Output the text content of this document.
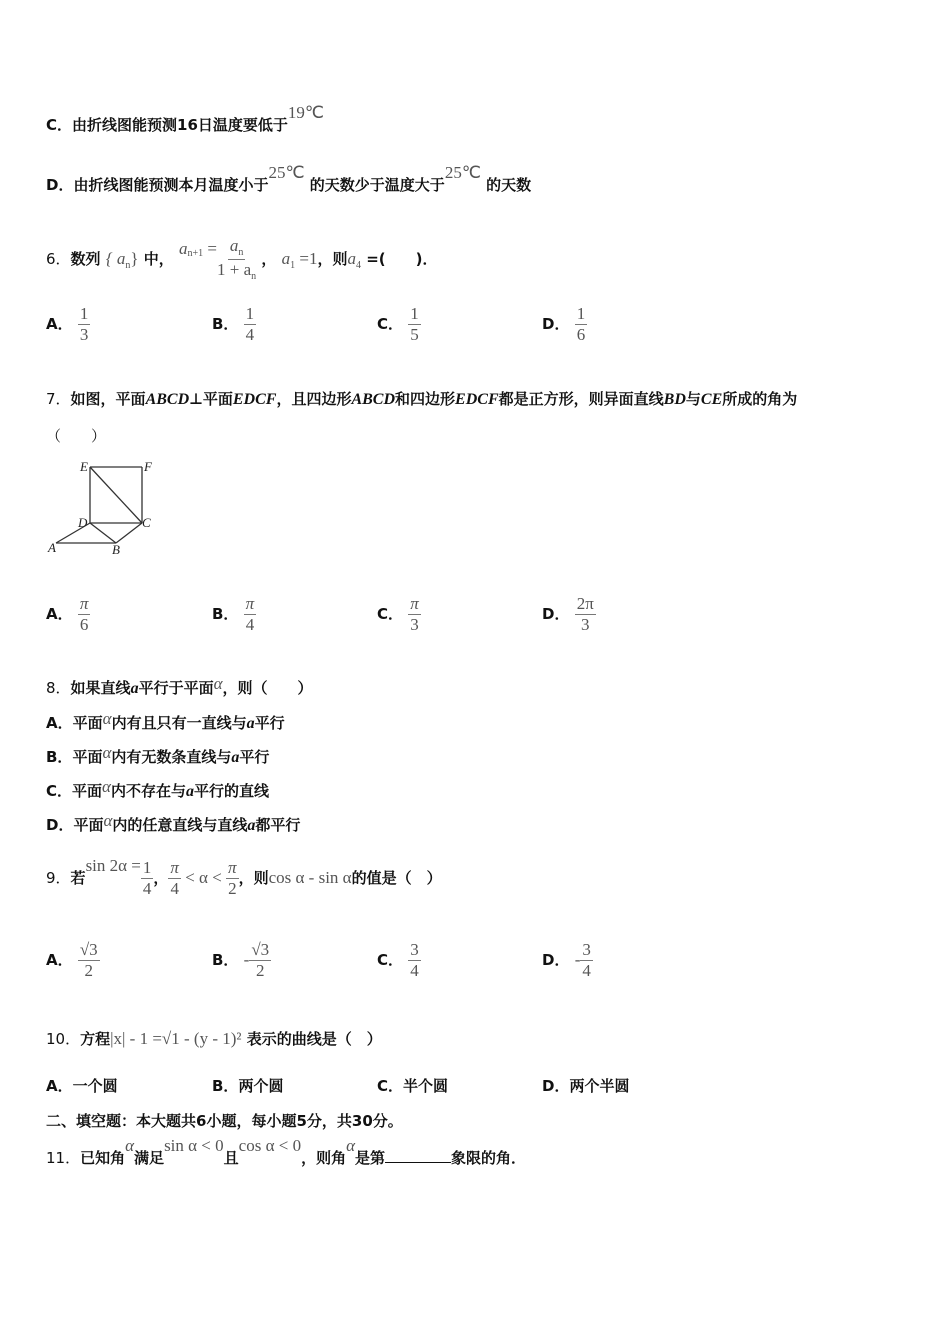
C．由折线图能预测16日温度要低于19℃
D．由折线图能预测本月温度小于25℃ 的天数少于温度大于25℃ 的天数
6．数列 { $a_n$} 中， $a^{n+1} = \frac{a_n}{1 + a_n}$ ， $a_1 =1$，则$a_4$ =(　　)．
A． $\frac{1}{3}$	B． $\frac{1}{4}$	C． $\frac{1}{5}$	D． $\frac{1}{6}$
7．如图，平面ABCD⊥平面EDCF，且四边形ABCD和四边形EDCF都是正方形，则异面直线BD与CE所成的角为
（　　）
E	F
D	C
A	B
A． $\frac{\pi}{6}$	B． $\frac{\pi}{4}$	C． $\frac{\pi}{3}$	D． $\frac{2\pi}{3}$
8．如果直线a平行于平面α，则（　　）
A．平面α内有且只有一直线与a平行
B．平面α内有无数条直线与a平行
C．平面α内不存在与a平行的直线
D．平面α内的任意直线与直线a都平行
9．若$\sin 2\alpha = \frac{1}{4}$ ， $\frac{\pi}{4} < \alpha < \frac{\pi}{2}$ ，则cos α - sin α的值是（　）
A． $\frac{√3}{2}$	B． - $\frac{√3}{2}$	C． $\frac{3}{4}$	D． - $\frac{3}{4}$
10．方程|x| - 1 =√1 - (y - 1)² 表示的曲线是（　）
A．一个圆	B．两个圆	C．半个圆	D．两个半圆
二、填空题：本大题共6小题，每小题5分，共30分。
11．已知角α满足sin α < 0且cos α < 0，则角α是第	象限的角．
